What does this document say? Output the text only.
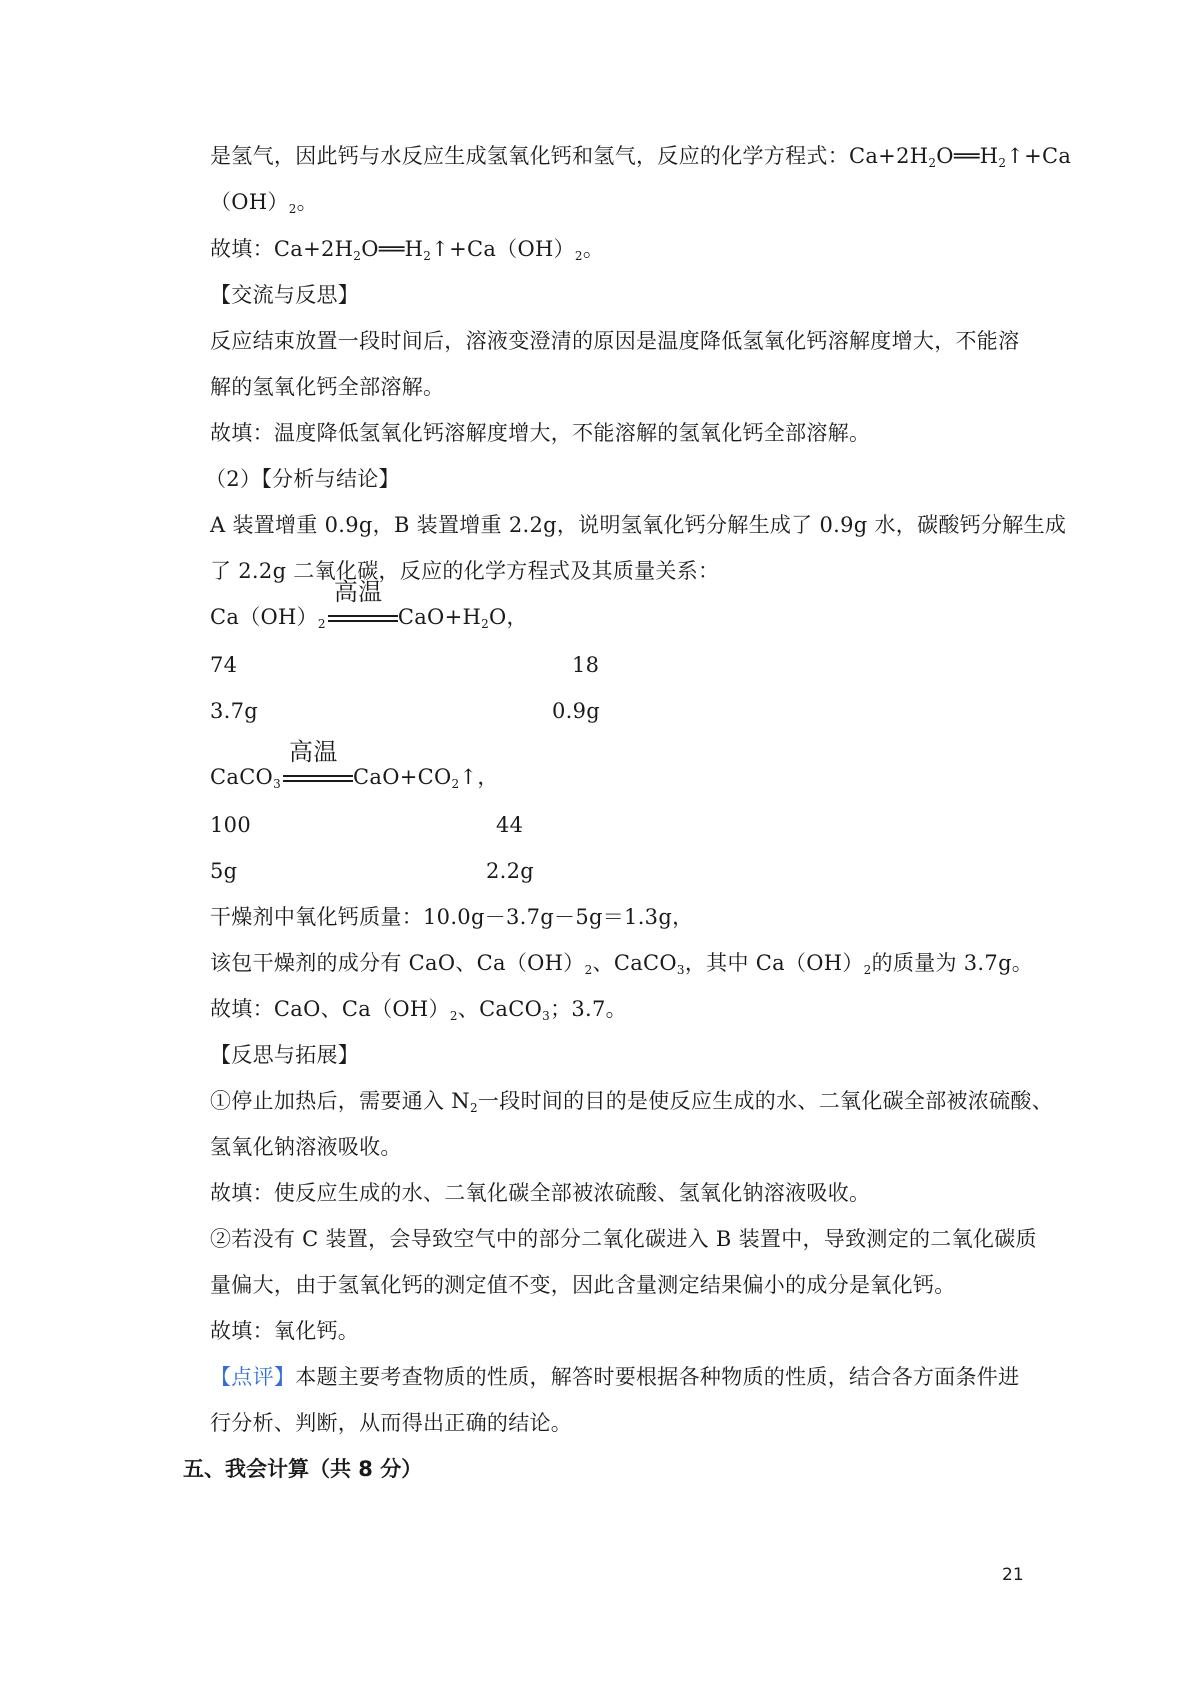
是氢气，因此钙与水反应生成氢氧化钙和氢气，反应的化学方程式：$Ca+2H_2O══H_2↑+Ca$
$(OH)_2$。
故填：$Ca+2H_2O══H_2↑+Ca(OH)_2$。
【交流与反思】
反应结束放置一段时间后，溶液变澄清的原因是温度降低氢氧化钙溶解度增大，不能溶
解的氢氧化钙全部溶解。
故填：温度降低氢氧化钙溶解度增大，不能溶解的氢氧化钙全部溶解。
（2）【分析与结论】
A 装置增重 0.9g，B 装置增重 2.2g，说明氢氧化钙分解生成了 0.9g 水，碳酸钙分解生成
了 2.2g 二氧化碳，反应的化学方程式及其质量关系：
$Ca(OH)_2$
高温
$CaO+H_2O$，
74	18
3.7g	0.9g
CaCO$_3$
高温
$CaO+CO_2↑$，
100	44
5g	2.2g
干燥剂中氧化钙质量：10.0g－3.7g－5g＝1.3g，
该包干燥剂的成分有 CaO、$Ca(OH)_2$、CaCO$_3$，其中 $Ca(OH)_2$的质量为 3.7g。
故填：CaO、$Ca(OH)_2$、CaCO$_3$；3.7。
【反思与拓展】
①停止加热后，需要通入 $N_2$一段时间的目的是使反应生成的水、二氧化碳全部被浓硫酸、
氢氧化钠溶液吸收。
故填：使反应生成的水、二氧化碳全部被浓硫酸、氢氧化钠溶液吸收。
②若没有 C 装置，会导致空气中的部分二氧化碳进入 B 装置中，导致测定的二氧化碳质
量偏大，由于氢氧化钙的测定值不变，因此含量测定结果偏小的成分是氧化钙。
故填：氧化钙。
【点评】本题主要考查物质的性质，解答时要根据各种物质的性质，结合各方面条件进
行分析、判断，从而得出正确的结论。
五、我会计算（共 8 分）
21
